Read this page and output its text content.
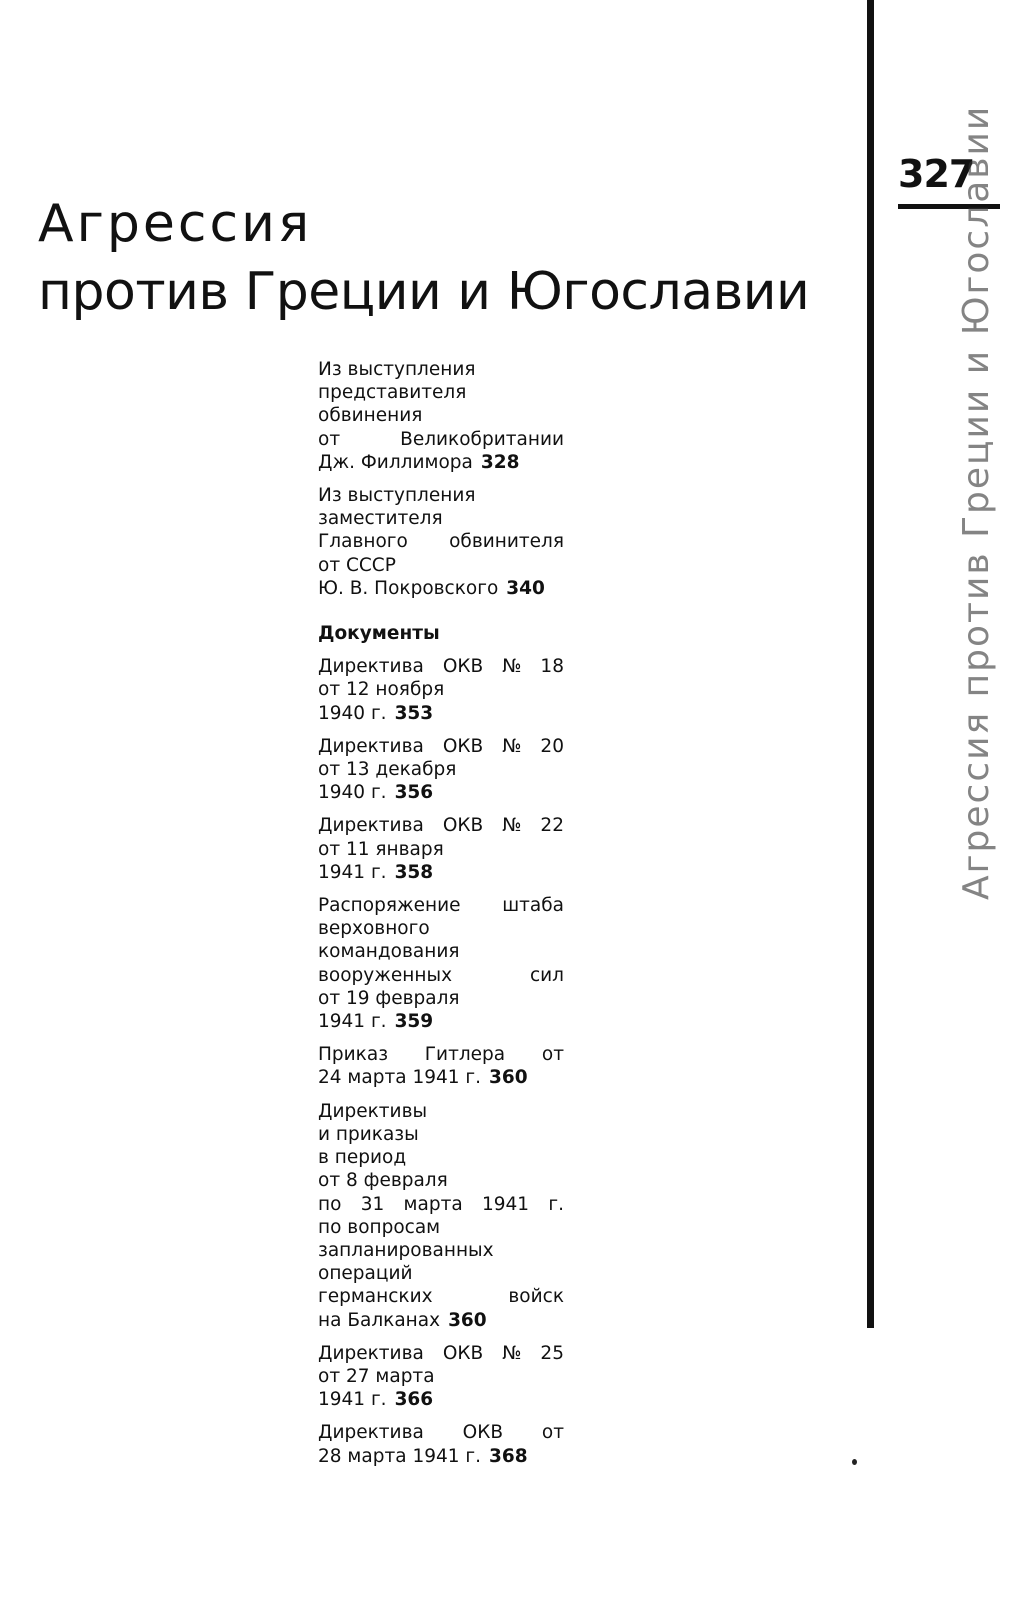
327
Агрессия против Греции и Югославии
Агрессия
против Греции и Югославии
Из выступления
представителя
обвинения
от	Великобритании
Дж. Филлимора 328
Из выступления
заместителя
Главного обвинителя
от СССР
Ю. В. Покровского 340
Документы
Директива ОКВ № 18
от 12 ноября
1940 г. 353
Директива ОКВ № 20
от 13 декабря
1940 г. 356
Директива ОКВ № 22
от 11 января
1941 г. 358
Распоряжение штаба
верховного
командования
вооруженных	сил
от 19 февраля
1941 г. 359
Приказ Гитлера от
24 марта 1941 г. 360
Директивы
и приказы
в период
от 8 февраля
по 31 марта 1941 г.
по вопросам
запланированных
операций
германских	войск
на Балканах 360
Директива ОКВ № 25
от 27 марта
1941 г. 366
Директива ОКВ от
28 марта 1941 г. 368
